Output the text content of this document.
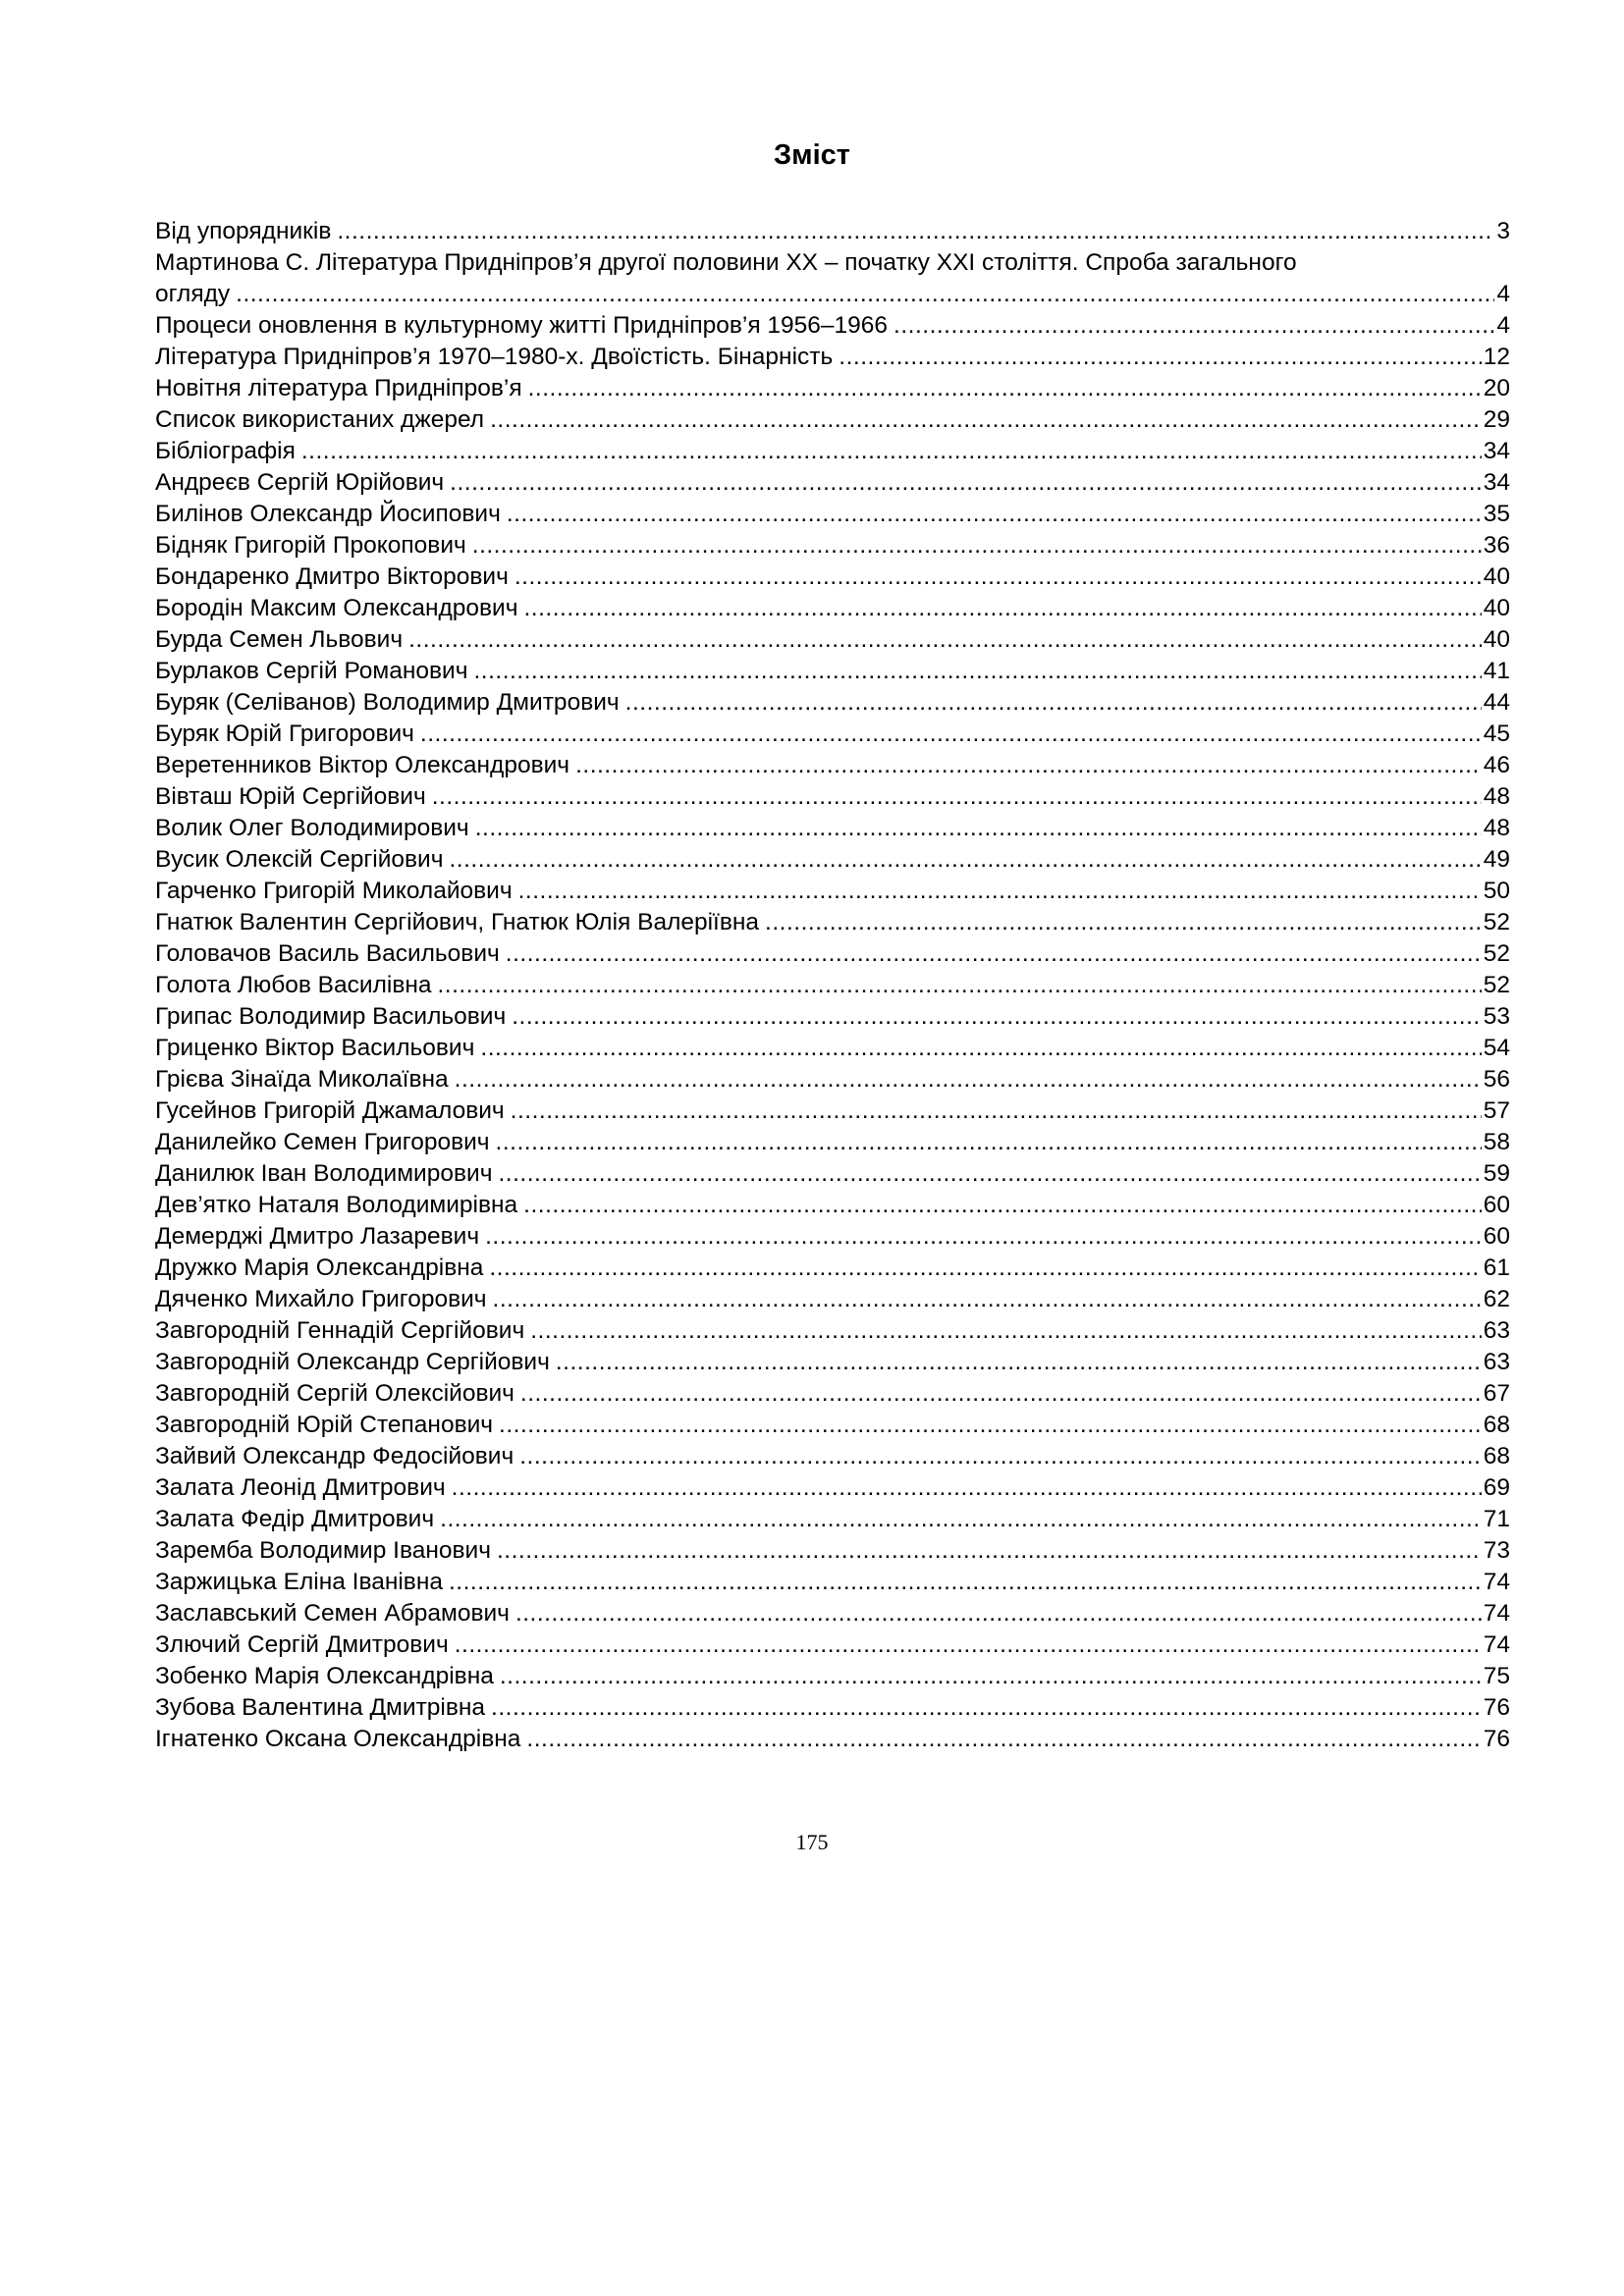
Зміст
Від упорядників .....	3
Мартинова С. Література Придніпров’я другої половини ХХ – початку ХХІ століття. Спроба загального
огляду .....	4
Процеси оновлення в культурному житті Придніпров’я 1956–1966 .....	4
Література Придніпров’я 1970–1980-х. Двоїстість. Бінарність .....	12
Новітня література Придніпров’я .....	20
Список використаних джерел .....	29
Бібліографія .....	34
Андреєв Сергій Юрійович .....	34
Билінов Олександр Йосипович .....	35
Бідняк Григорій Прокопович .....	36
Бондаренко Дмитро Вікторович .....	40
Бородін Максим Олександрович .....	40
Бурда Семен Львович .....	40
Бурлаков Сергій Романович .....	41
Буряк (Селіванов) Володимир Дмитрович .....	44
Буряк Юрій Григорович .....	45
Веретенников Віктор Олександрович .....	46
Вівташ Юрій Сергійович .....	48
Волик Олег Володимирович .....	48
Вусик Олексій Сергійович .....	49
Гарченко Григорій Миколайович .....	50
Гнатюк Валентин Сергійович, Гнатюк Юлія Валеріївна .....	52
Головачов Василь Васильович .....	52
Голота Любов Василівна .....	52
Грипас Володимир Васильович .....	53
Гриценко Віктор Васильович .....	54
Грієва Зінаїда Миколаївна .....	56
Гусейнов Григорій Джамалович .....	57
Данилейко Семен Григорович .....	58
Данилюк Іван Володимирович .....	59
Дев’ятко Наталя Володимирівна .....	60
Демерджі Дмитро Лазаревич .....	60
Дружко Марія Олександрівна .....	61
Дяченко Михайло Григорович .....	62
Завгородній Геннадій Сергійович .....	63
Завгородній Олександр Сергійович .....	63
Завгородній Сергій Олексійович .....	67
Завгородній Юрій Степанович .....	68
Зайвий Олександр Федосійович .....	68
Залата Леонід Дмитрович .....	69
Залата Федір Дмитрович .....	71
Заремба Володимир Іванович .....	73
Заржицька Еліна Іванівна .....	74
Заславський Семен Абрамович .....	74
Злючий Сергій Дмитрович .....	74
Зобенко Марія Олександрівна .....	75
Зубова Валентина Дмитрівна .....	76
Ігнатенко Оксана Олександрівна .....	76
175
